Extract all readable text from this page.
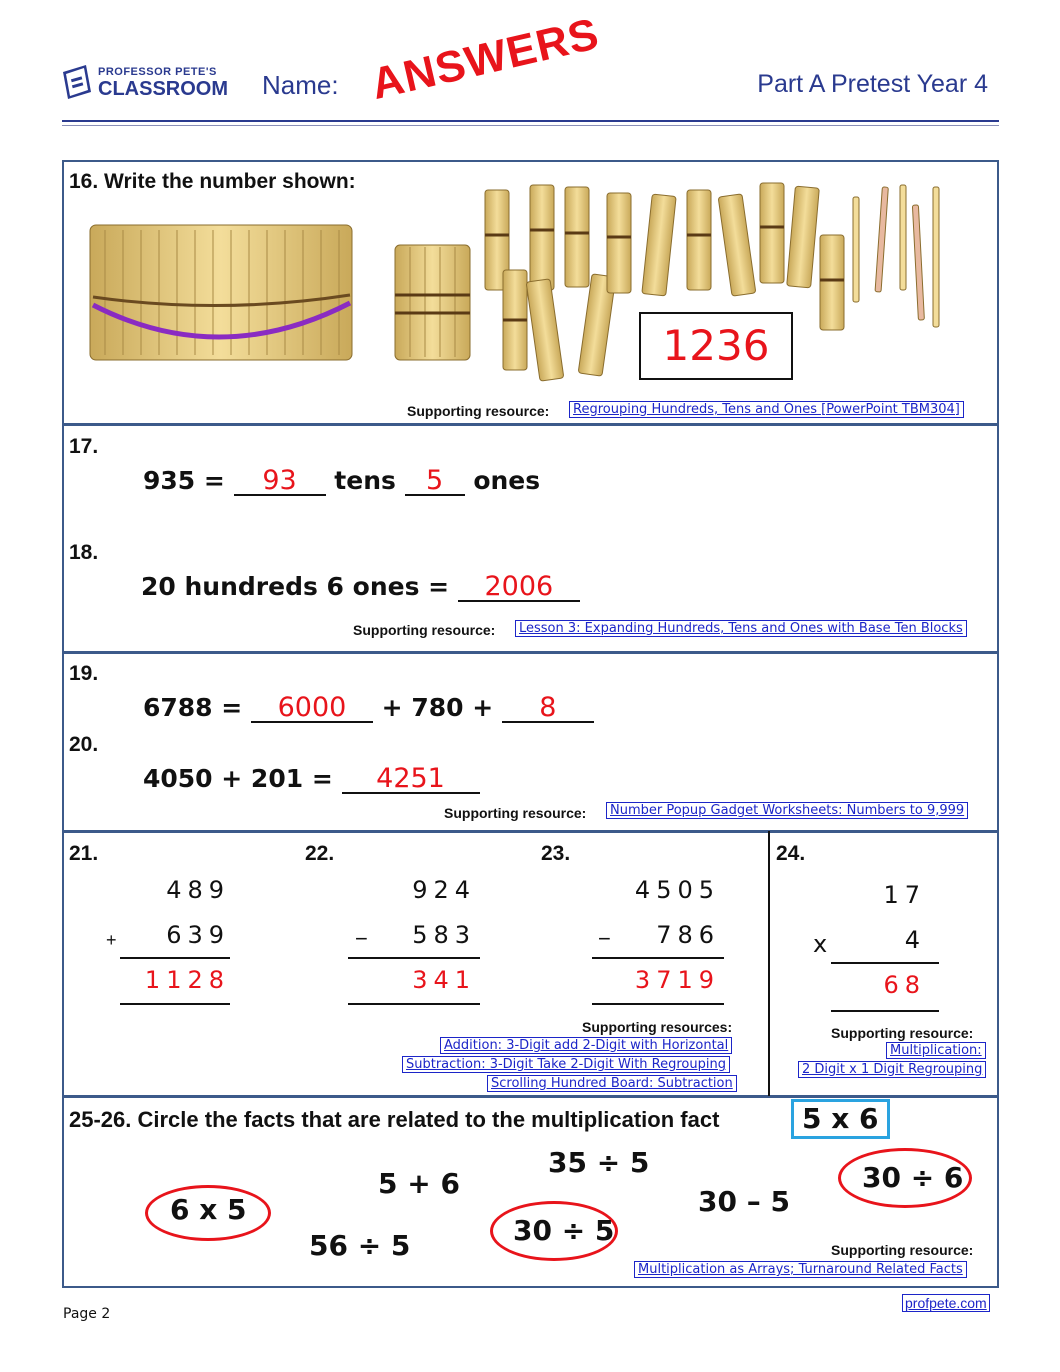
PROFESSOR PETE'S
CLASSROOM Name: ANSWERS	Part A Pretest Year 4
16. Write the number shown:
1236
Supporting resource:	Regrouping Hundreds, Tens and Ones [PowerPoint TBM304]
17.
935 = 93 tens 5 ones
18.
20 hundreds 6 ones = 2006
Supporting resource:	Lesson 3: Expanding Hundreds, Tens and Ones with Base Ten Blocks
19.
6788 = 6000 + 780 + 8
20.
4050 + 201 = 4251
Supporting resource:	Number Popup Gadget Worksheets: Numbers to 9,999
21.
489
+	639
1128
22.
924
−	583
341
23.
4505
−	786
3719
Supporting resources:
Addition: 3-Digit add 2-Digit with Horizontal
Subtraction: 3-Digit Take 2-Digit With Regrouping
Scrolling Hundred Board: Subtraction
24.
17
x	4
68
Supporting resource:
Multiplication:
2 Digit x 1 Digit Regrouping
25-26. Circle the facts that are related to the multiplication fact	5 x 6
6 x 5
5 + 6
56 ÷ 5
35 ÷ 5
30 ÷ 5
30 – 5
30 ÷ 6
Supporting resource:
Multiplication as Arrays; Turnaround Related Facts
Page 2
profpete.com
